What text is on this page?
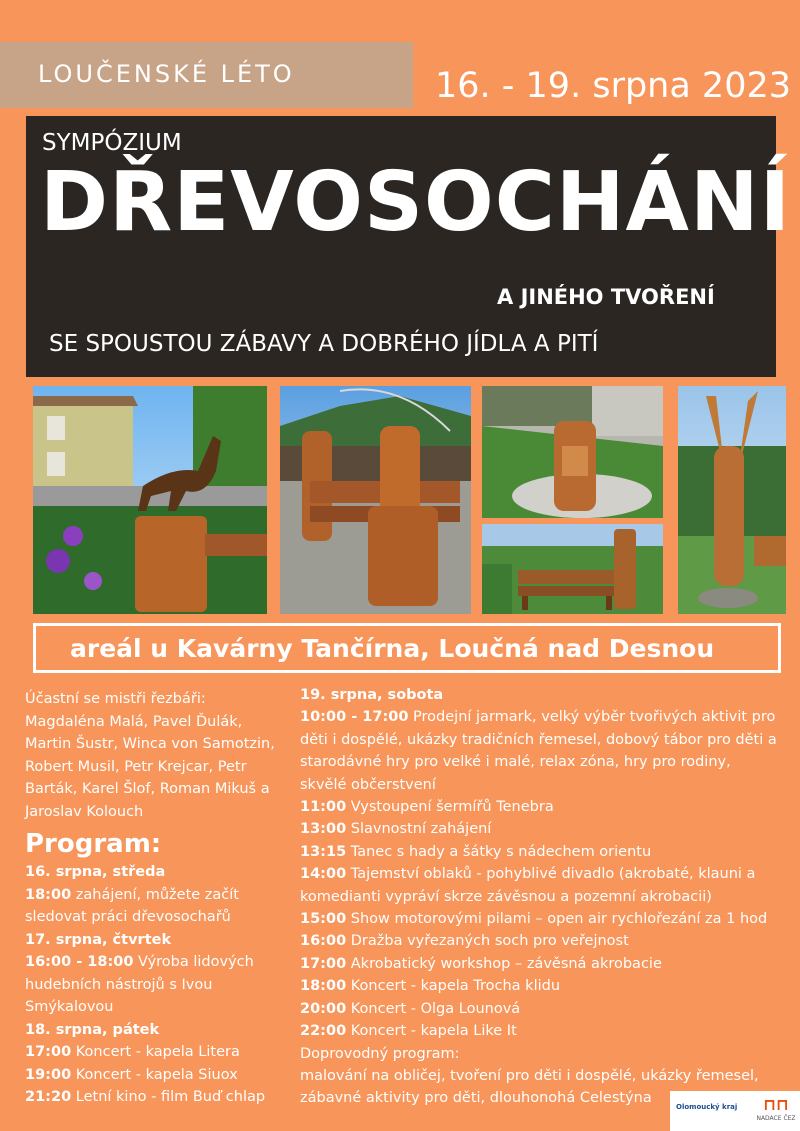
LOUČENSKÉ LÉTO	16. - 19. srpna 2023
SYMPÓZIUM
DŘEVOSOCHÁNÍ
A JINÉHO TVOŘENÍ
SE SPOUSTOU ZÁBAVY A DOBRÉHO JÍDLA A PITÍ
areál u Kavárny Tančírna, Loučná nad Desnou
Účastní se mistři řezbáři:
Magdaléna Malá, Pavel Ďulák,
Martin Šustr, Winca von Samotzin,
Robert Musil, Petr Krejcar, Petr
Barták, Karel Šlof, Roman Mikuš a
Jaroslav Kolouch
Program:
16. srpna, středa
18:00 zahájení, můžete začít sledovat práci dřevosochařů
17. srpna, čtvrtek
16:00 - 18:00 Výroba lidových hudebních nástrojů s Ivou Smýkalovou
18. srpna, pátek
17:00 Koncert - kapela Litera
19:00 Koncert - kapela Siuox
21:20 Letní kino - film Buď chlap
19. srpna, sobota
10:00 - 17:00 Prodejní jarmark, velký výběr tvořivých aktivit pro děti i dospělé, ukázky tradičních řemesel, dobový tábor pro děti a starodávné hry pro velké i malé, relax zóna, hry pro rodiny, skvělé občerstvení
11:00 Vystoupení šermířů Tenebra
13:00 Slavnostní zahájení
13:15 Tanec s hady a šátky s nádechem orientu
14:00 Tajemství oblaků - pohyblivé divadlo (akrobaté, klauni a komedianti vypráví skrze závěsnou a pozemní akrobacii)
15:00 Show motorovými pilami – open air rychlořezání za 1 hod
16:00 Dražba vyřezaných soch pro veřejnost
17:00 Akrobatický workshop – závěsná akrobacie
18:00 Koncert - kapela Trocha klidu
20:00 Koncert - Olga Lounová
22:00 Koncert - kapela Like It
Doprovodný program:
malování na obličej, tvoření pro děti i dospělé, ukázky řemesel, zábavné aktivity pro děti, dlouhonohá Celestýna
Olomoucký kraj	⊓⊓
NADACE ČEZ
